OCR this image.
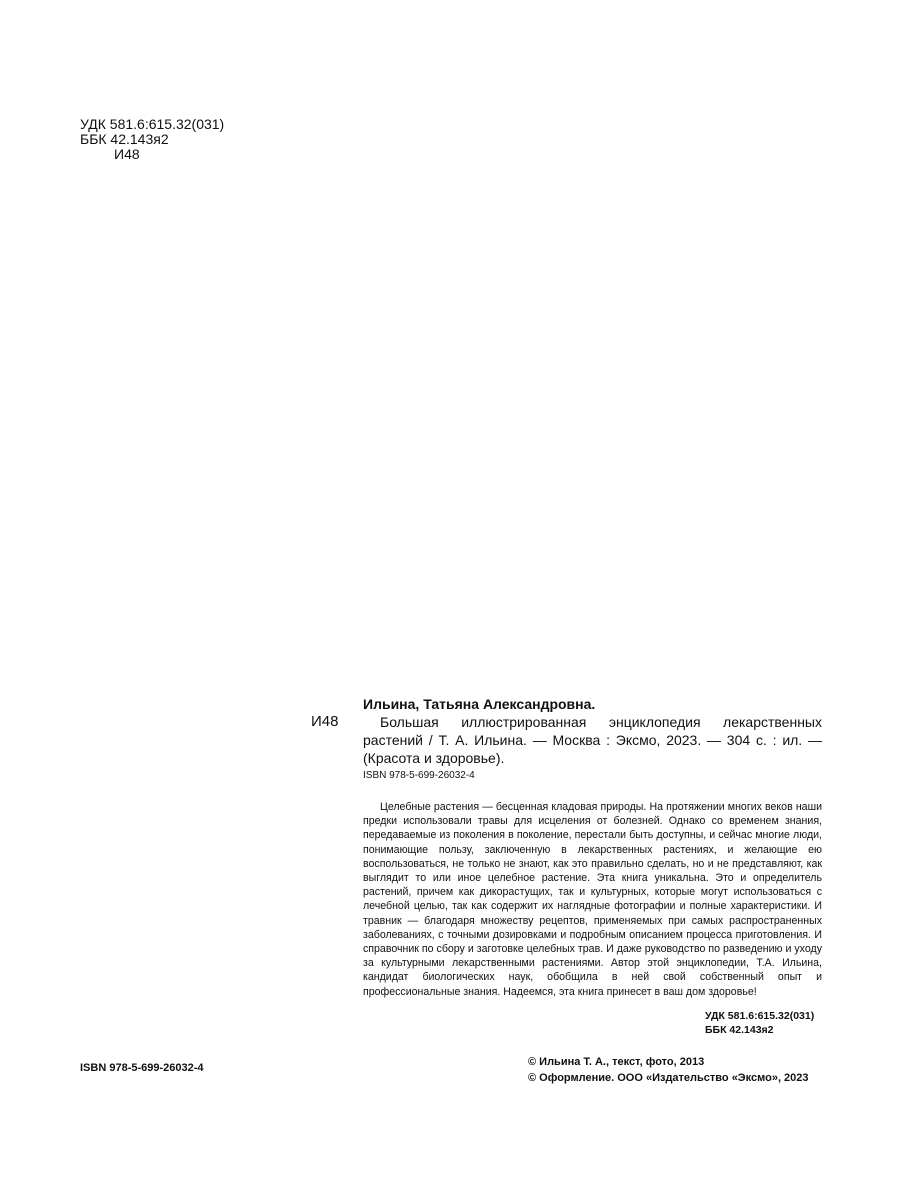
УДК 581.6:615.32(031)
ББК 42.143я2
И48
И48
Ильина, Татьяна Александровна.
Большая иллюстрированная энциклопедия лекарственных растений / Т. А. Ильина. — Москва : Эксмо, 2023. — 304 с. : ил. — (Красота и здоровье).
ISBN 978-5-699-26032-4
Целебные растения — бесценная кладовая природы. На протяжении многих веков наши предки использовали травы для исцеления от болезней. Однако со временем знания, передаваемые из поколения в поколение, перестали быть доступны, и сейчас многие люди, понимающие пользу, заключенную в лекарственных растениях, и желающие ею воспользоваться, не только не знают, как это правильно сделать, но и не представляют, как выглядит то или иное целебное растение. Эта книга уникальна. Это и определитель растений, причем как дикорастущих, так и культурных, которые могут использоваться с лечебной целью, так как содержит их наглядные фотографии и полные характеристики. И травник — благодаря множеству рецептов, применяемых при самых распространенных заболеваниях, с точными дозировками и подробным описанием процесса приготовления. И справочник по сбору и заготовке целебных трав. И даже руководство по разведению и уходу за культурными лекарственными растениями. Автор этой энциклопедии, Т.А. Ильина, кандидат биологических наук, обобщила в ней свой собственный опыт и профессиональные знания. Надеемся, эта книга принесет в ваш дом здоровье!
УДК 581.6:615.32(031)
ББК 42.143я2
ISBN 978-5-699-26032-4	© Ильина Т. А., текст, фото, 2013
© Оформление. ООО «Издательство «Эксмо», 2023
